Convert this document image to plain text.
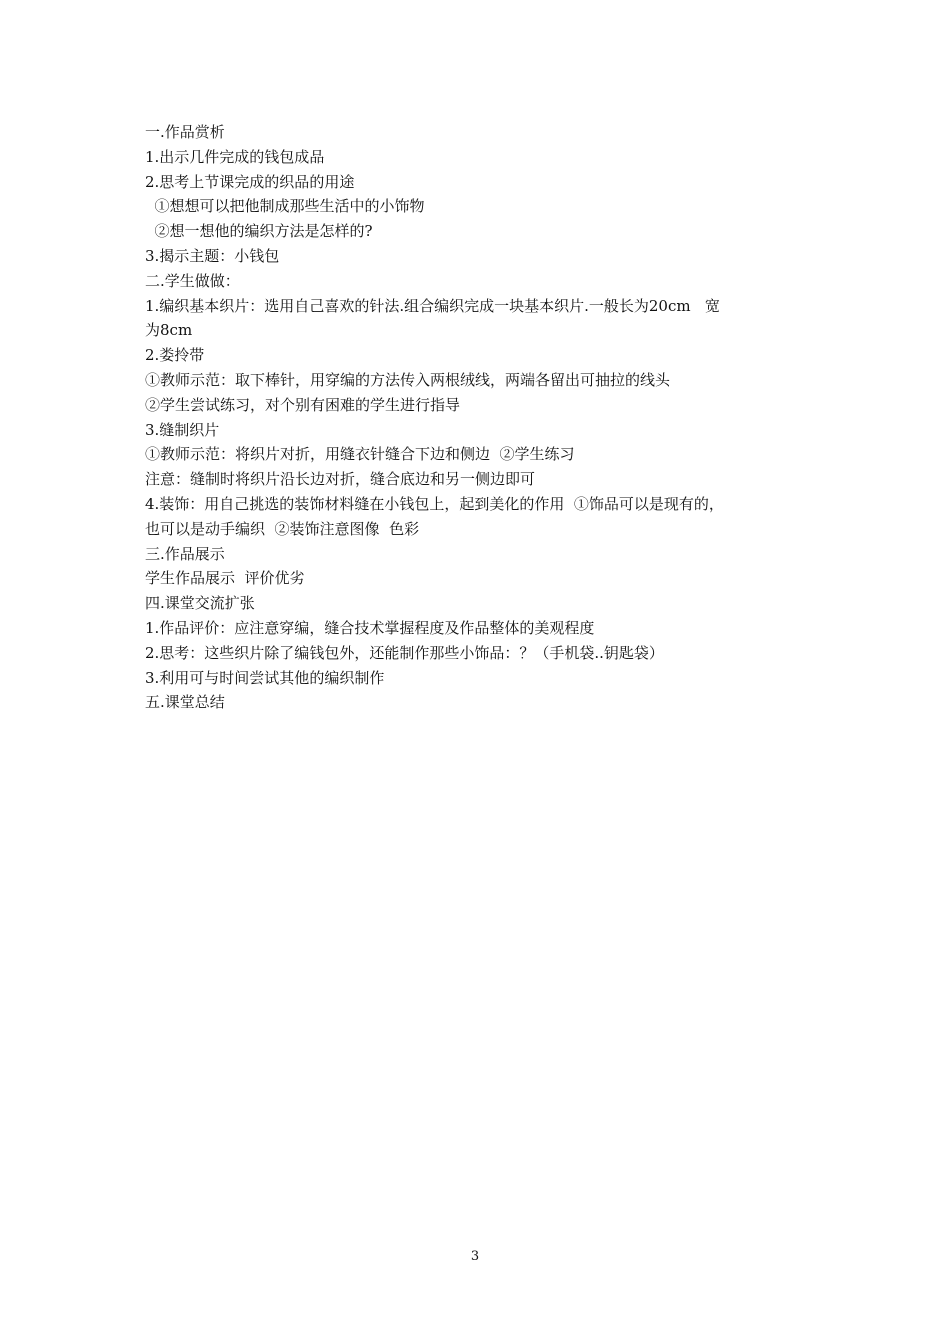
一.作品赏析
1.出示几件完成的钱包成品
2.思考上节课完成的织品的用途
①想想可以把他制成那些生活中的小饰物
②想一想他的编织方法是怎样的?
3.揭示主题：小钱包
二.学生做做：
1.编织基本织片：选用自己喜欢的针法.组合编织完成一块基本织片.一般长为20cm   宽
为8cm
2.娄拎带
①教师示范：取下棒针，用穿编的方法传入两根绒线，两端各留出可抽拉的线头
②学生尝试练习，对个别有困难的学生进行指导
3.缝制织片
①教师示范：将织片对折，用缝衣针缝合下边和侧边  ②学生练习
注意：缝制时将织片沿长边对折，缝合底边和另一侧边即可
4.装饰：用自己挑选的装饰材料缝在小钱包上，起到美化的作用  ①饰品可以是现有的，
也可以是动手编织  ②装饰注意图像  色彩
三.作品展示
学生作品展示  评价优劣
四.课堂交流扩张
1.作品评价：应注意穿编，缝合技术掌握程度及作品整体的美观程度
2.思考：这些织片除了编钱包外，还能制作那些小饰品：？（手机袋..钥匙袋）
3.利用可与时间尝试其他的编织制作
五.课堂总结
3
